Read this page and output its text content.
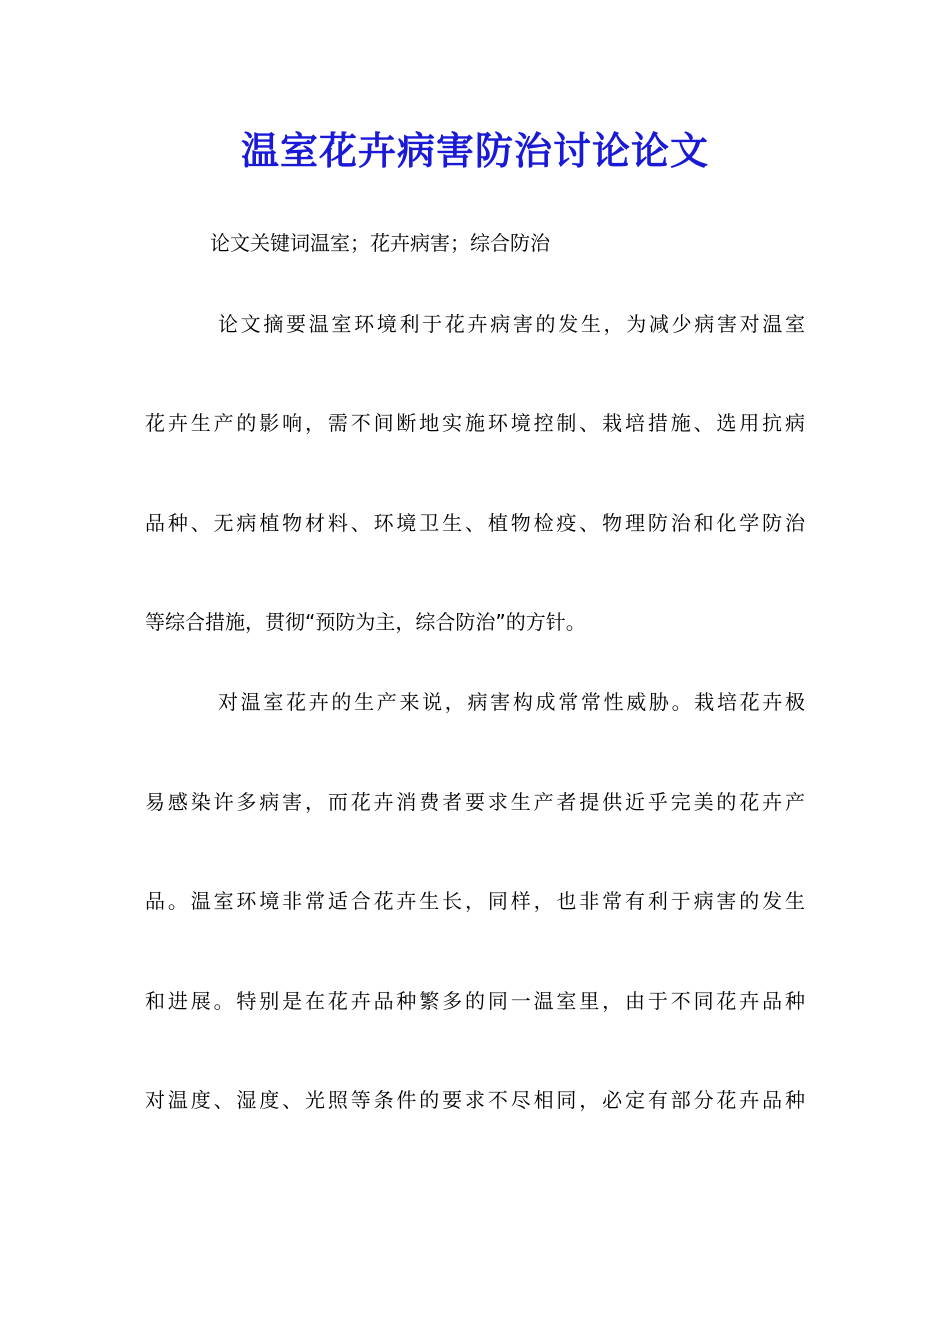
温室花卉病害防治讨论论文
论文关键词温室；花卉病害；综合防治
论文摘要温室环境利于花卉病害的发生，为减少病害对温室
花卉生产的影响，需不间断地实施环境控制、栽培措施、选用抗病
品种、无病植物材料、环境卫生、植物检疫、物理防治和化学防治
等综合措施，贯彻“预防为主，综合防治”的方针。
对温室花卉的生产来说，病害构成常常性威胁。栽培花卉极
易感染许多病害，而花卉消费者要求生产者提供近乎完美的花卉产
品。温室环境非常适合花卉生长，同样，也非常有利于病害的发生
和进展。特别是在花卉品种繁多的同一温室里，由于不同花卉品种
对温度、湿度、光照等条件的要求不尽相同，必定有部分花卉品种
